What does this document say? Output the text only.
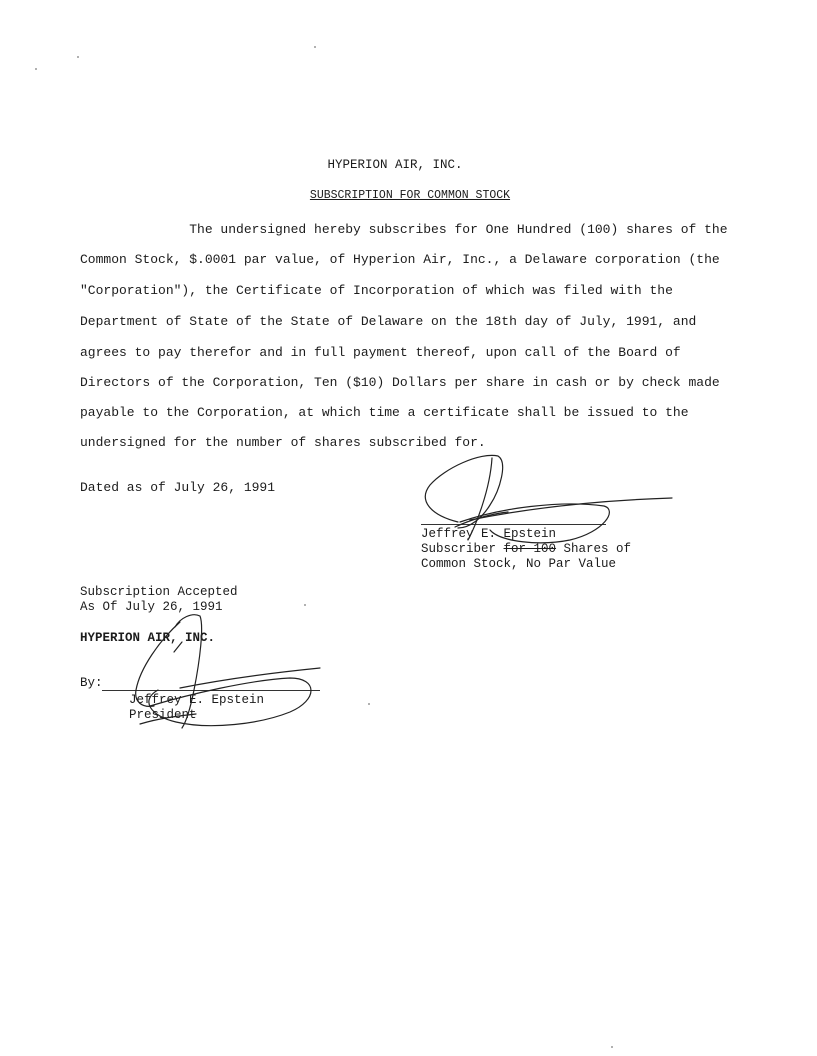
HYPERION AIR, INC.
SUBSCRIPTION FOR COMMON STOCK
The undersigned hereby subscribes for One Hundred (100) shares of the
Common Stock, $.0001 par value, of Hyperion Air, Inc., a Delaware corporation (the
"Corporation"), the Certificate of Incorporation of which was filed with the
Department of State of the State of Delaware on the 18th day of July, 1991, and
agrees to pay therefor and in full payment thereof, upon call of the Board of
Directors of the Corporation, Ten ($10) Dollars per share in cash or by check made
payable to the Corporation, at which time a certificate shall be issued to the
undersigned for the number of shares subscribed for.
Dated as of July 26, 1991
Jeffrey E. Epstein
Subscriber for 100 Shares of
Common Stock, No Par Value
Subscription Accepted
As Of July 26, 1991
HYPERION AIR, INC.
By:
Jeffrey E. Epstein
President
